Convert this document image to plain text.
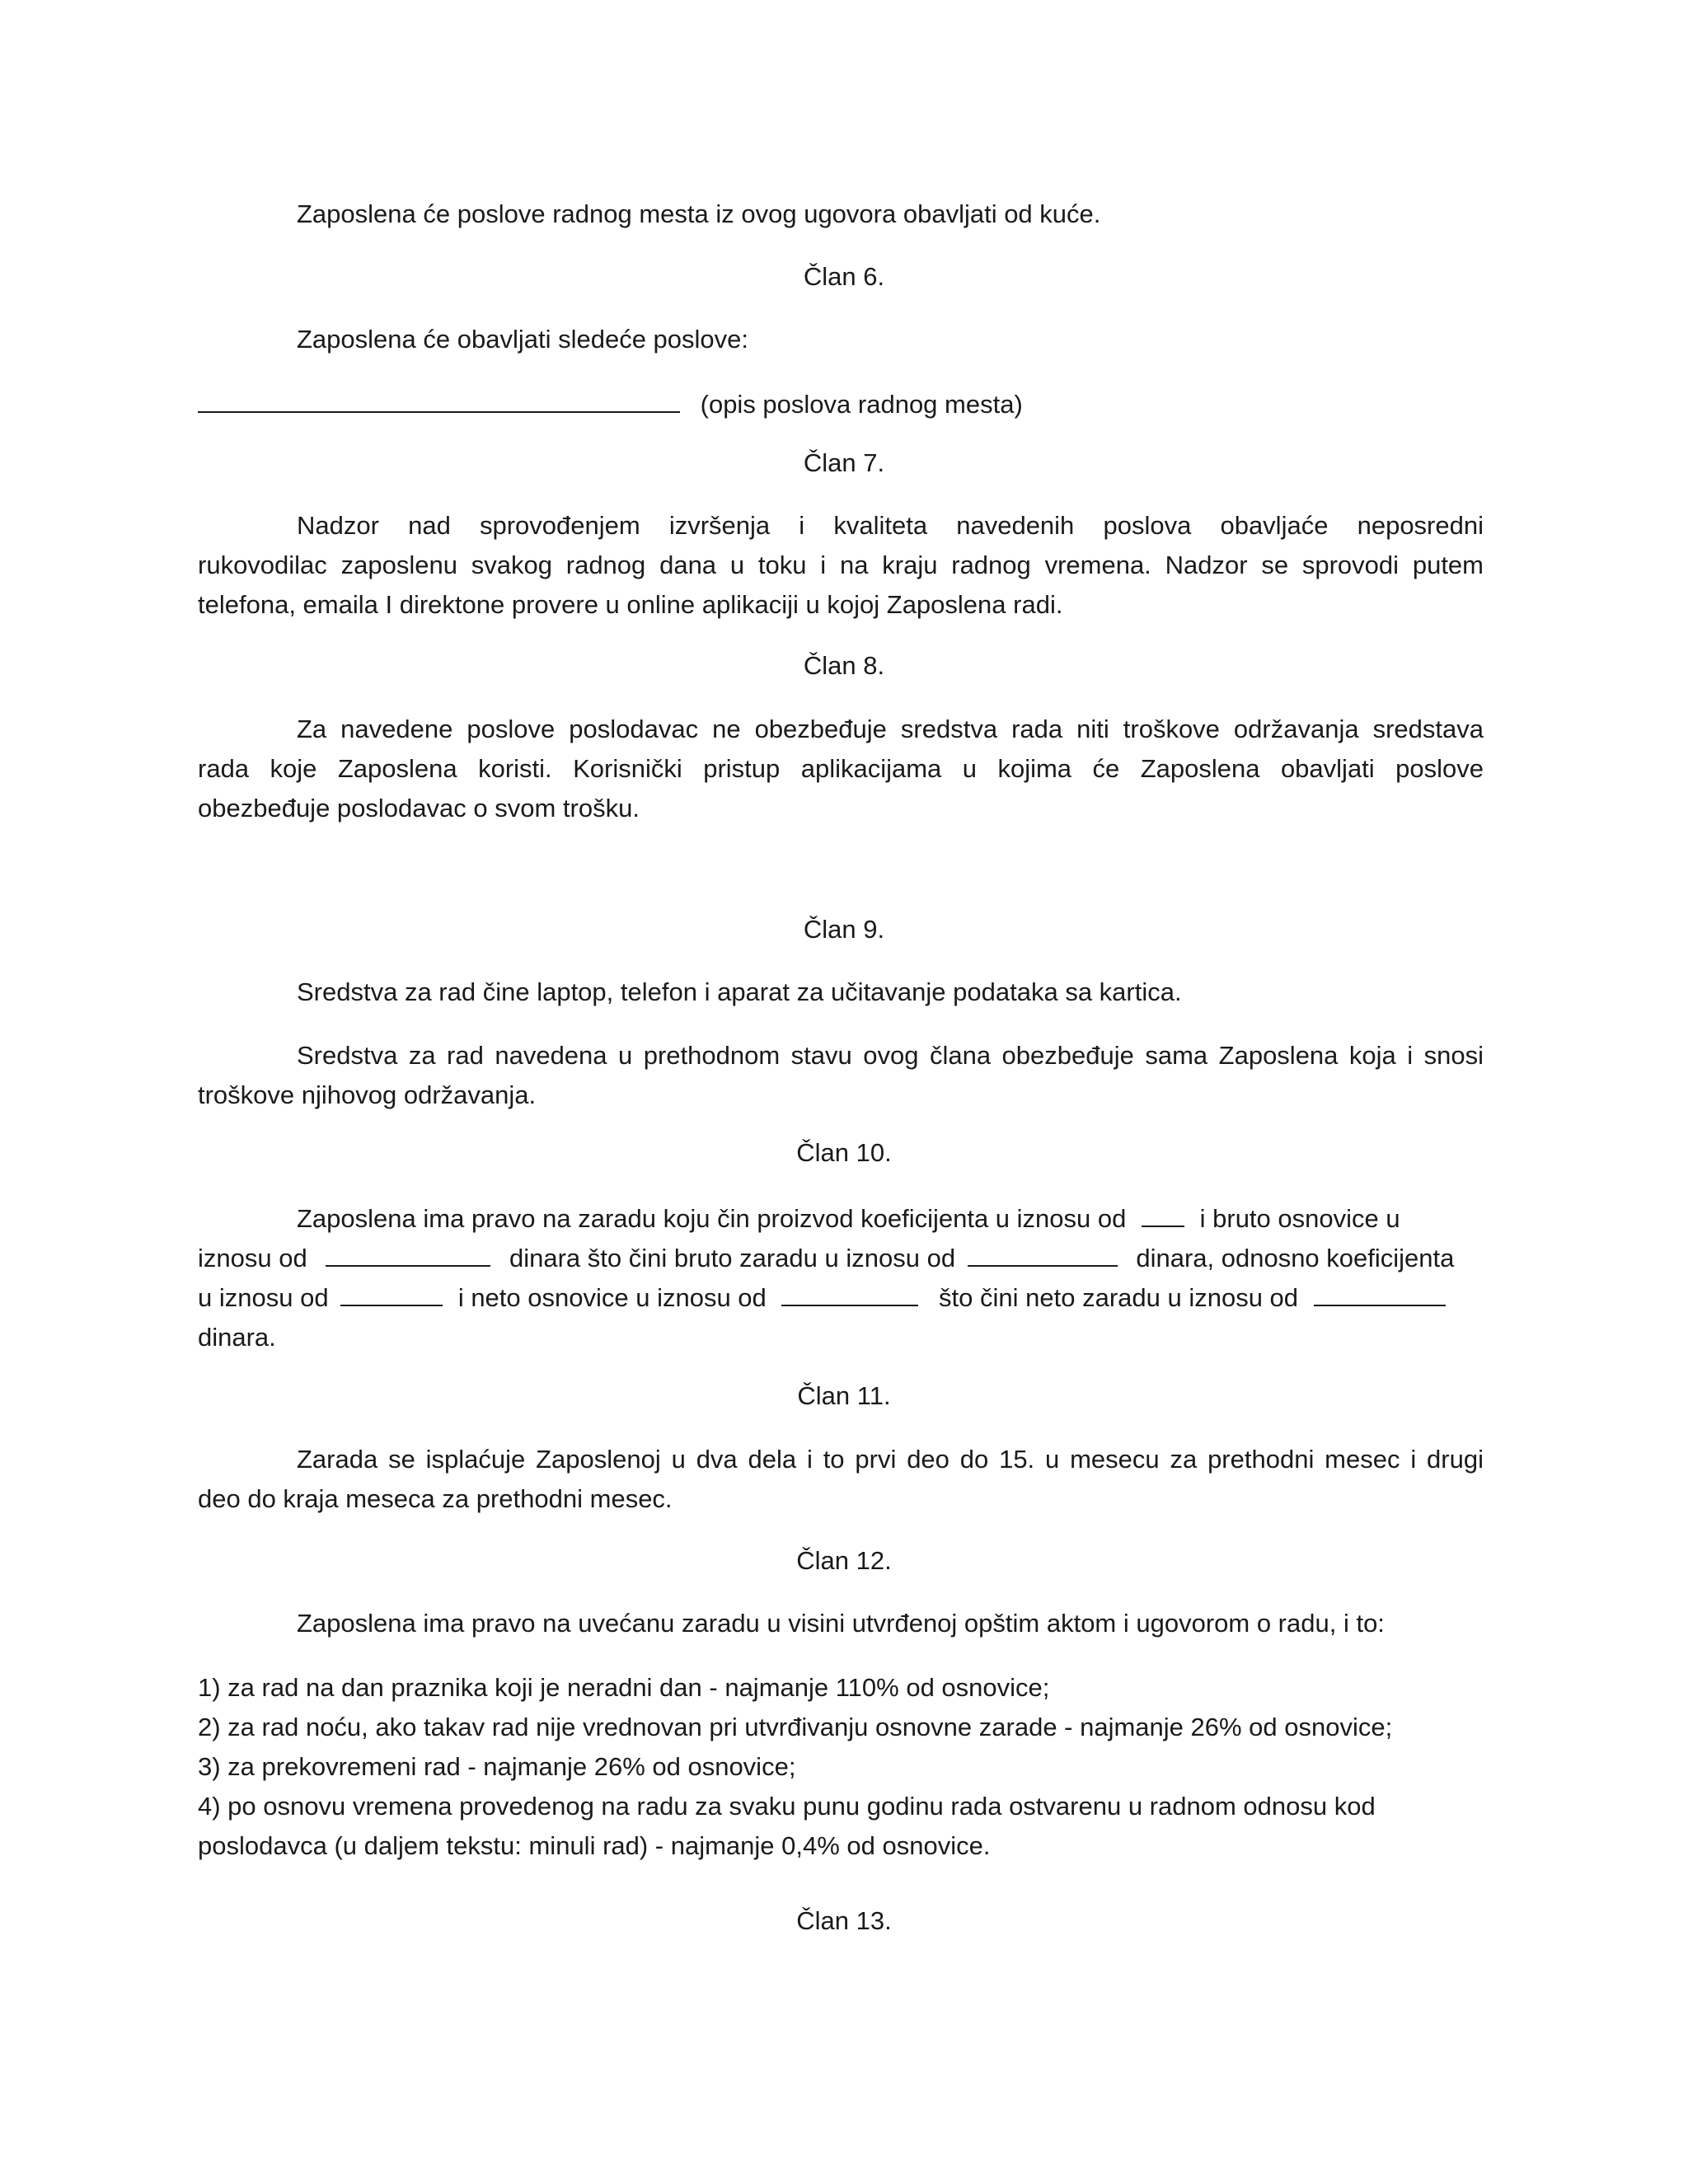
Zaposlena će poslove radnog mesta iz ovog ugovora obavljati od kuće.
Član 6.
Zaposlena će obavljati sledeće poslove:
(opis poslova radnog mesta)
Član 7.
Nadzor nad sprovođenjem izvršenja i kvaliteta navedenih poslova obavljaće neposredni
rukovodilac zaposlenu svakog radnog dana u toku i na kraju radnog vremena. Nadzor se sprovodi putem
telefona, emaila I direktone provere u online aplikaciji u kojoj Zaposlena radi.
Član 8.
Za navedene poslove poslodavac ne obezbeđuje sredstva rada niti troškove održavanja sredstava
rada koje Zaposlena koristi. Korisnički pristup aplikacijama u kojima će Zaposlena obavljati poslove
obezbeđuje poslodavac o svom trošku.
Član 9.
Sredstva za rad čine laptop, telefon i aparat za učitavanje podataka sa kartica.
Sredstva za rad navedena u prethodnom stavu ovog člana obezbeđuje sama Zaposlena koja i snosi
troškove njihovog održavanja.
Član 10.
Zaposlena ima pravo na zaradu koju čin proizvod koeficijenta u iznosu od	i bruto osnovice u
iznosu od	dinara što čini bruto zaradu u iznosu od	dinara, odnosno koeficijenta
u iznosu od	i neto osnovice u iznosu od	što čini neto zaradu u iznosu od
dinara.
Član 11.
Zarada se isplaćuje Zaposlenoj u dva dela i to prvi deo do 15. u mesecu za prethodni mesec i drugi
deo do kraja meseca za prethodni mesec.
Član 12.
Zaposlena ima pravo na uvećanu zaradu u visini utvrđenoj opštim aktom i ugovorom o radu, i to:
1) za rad na dan praznika koji je neradni dan - najmanje 110% od osnovice;
2) za rad noću, ako takav rad nije vrednovan pri utvrđivanju osnovne zarade - najmanje 26% od osnovice;
3) za prekovremeni rad - najmanje 26% od osnovice;
4) po osnovu vremena provedenog na radu za svaku punu godinu rada ostvarenu u radnom odnosu kod
poslodavca (u daljem tekstu: minuli rad) - najmanje 0,4% od osnovice.
Član 13.
